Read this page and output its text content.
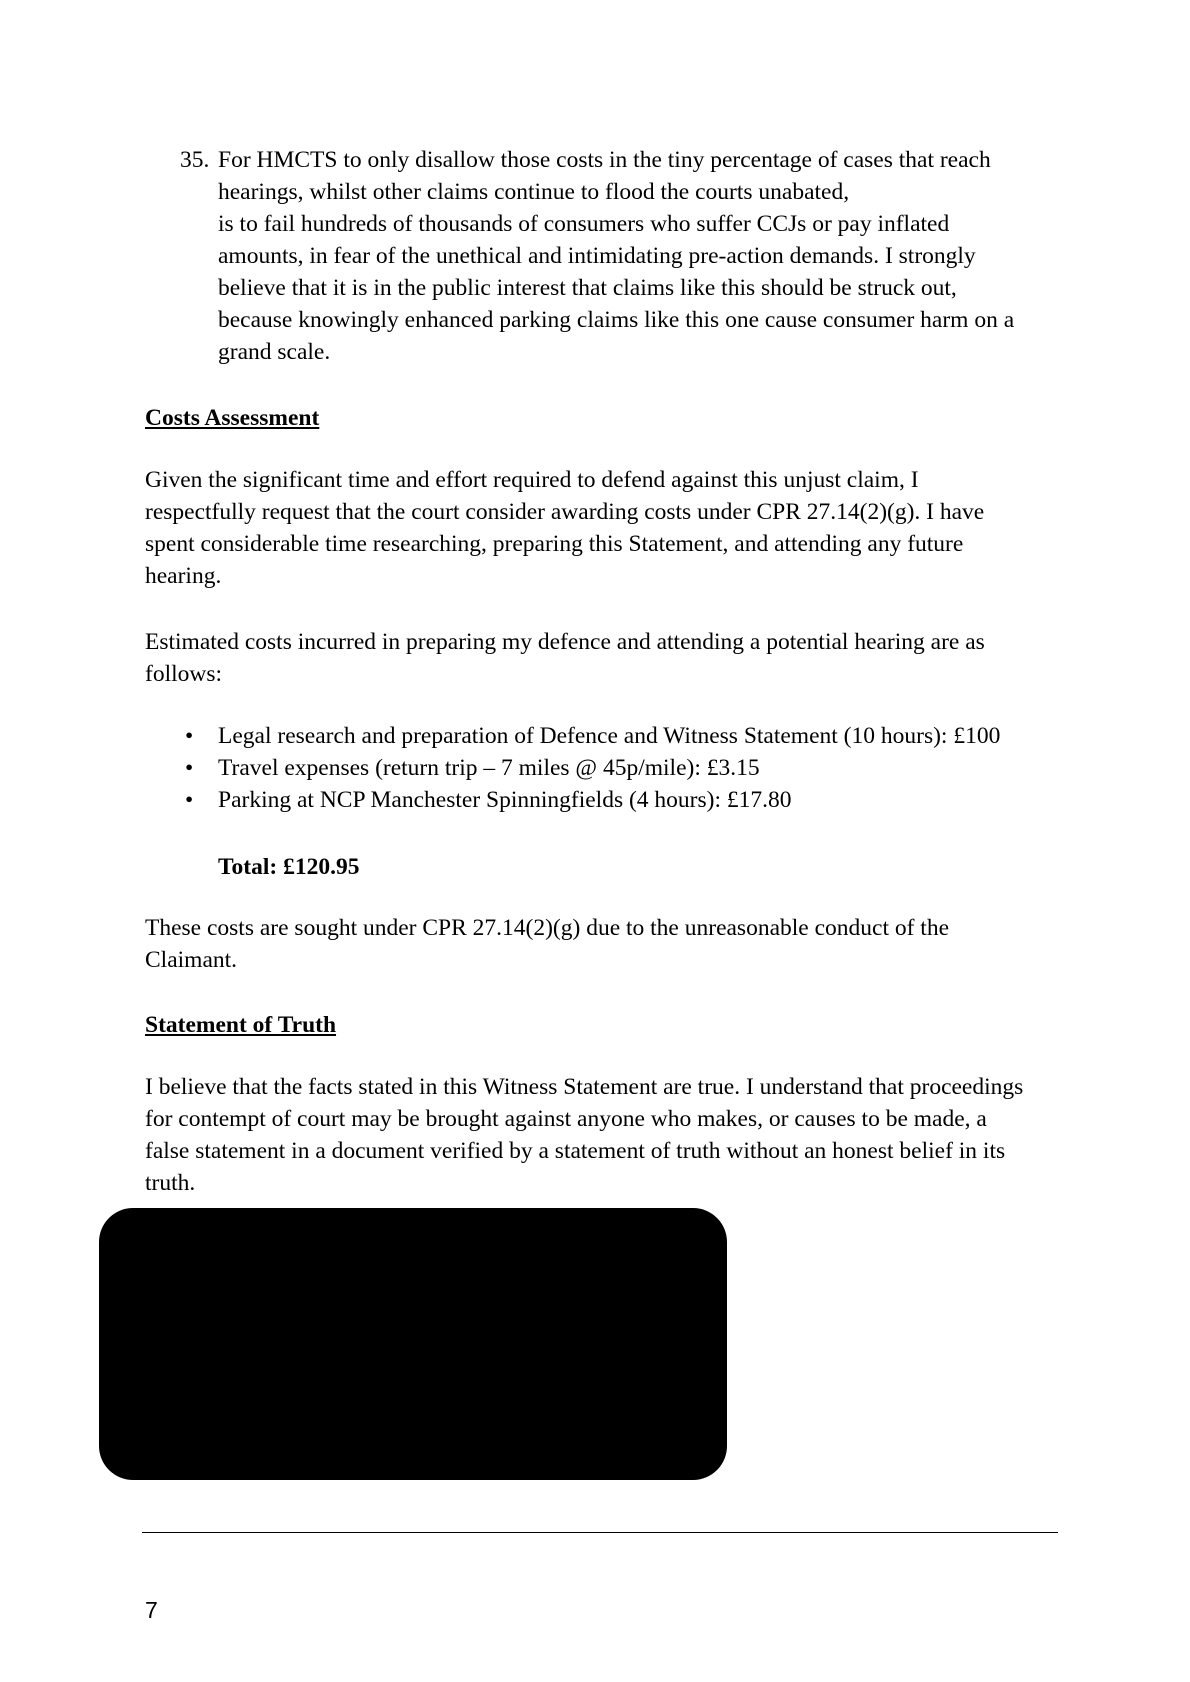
35. For HMCTS to only disallow those costs in the tiny percentage of cases that reach
hearings, whilst other claims continue to flood the courts unabated,
is to fail hundreds of thousands of consumers who suffer CCJs or pay inflated
amounts, in fear of the unethical and intimidating pre-action demands. I strongly
believe that it is in the public interest that claims like this should be struck out,
because knowingly enhanced parking claims like this one cause consumer harm on a
grand scale.
Costs Assessment
Given the significant time and effort required to defend against this unjust claim, I
respectfully request that the court consider awarding costs under CPR 27.14(2)(g). I have
spent considerable time researching, preparing this Statement, and attending any future
hearing.
Estimated costs incurred in preparing my defence and attending a potential hearing are as
follows:
• Legal research and preparation of Defence and Witness Statement (10 hours): £100
• Travel expenses (return trip – 7 miles @ 45p/mile): £3.15
• Parking at NCP Manchester Spinningfields (4 hours): £17.80
Total: £120.95
These costs are sought under CPR 27.14(2)(g) due to the unreasonable conduct of the
Claimant.
Statement of Truth
I believe that the facts stated in this Witness Statement are true. I understand that proceedings
for contempt of court may be brought against anyone who makes, or causes to be made, a
false statement in a document verified by a statement of truth without an honest belief in its
truth.
7
